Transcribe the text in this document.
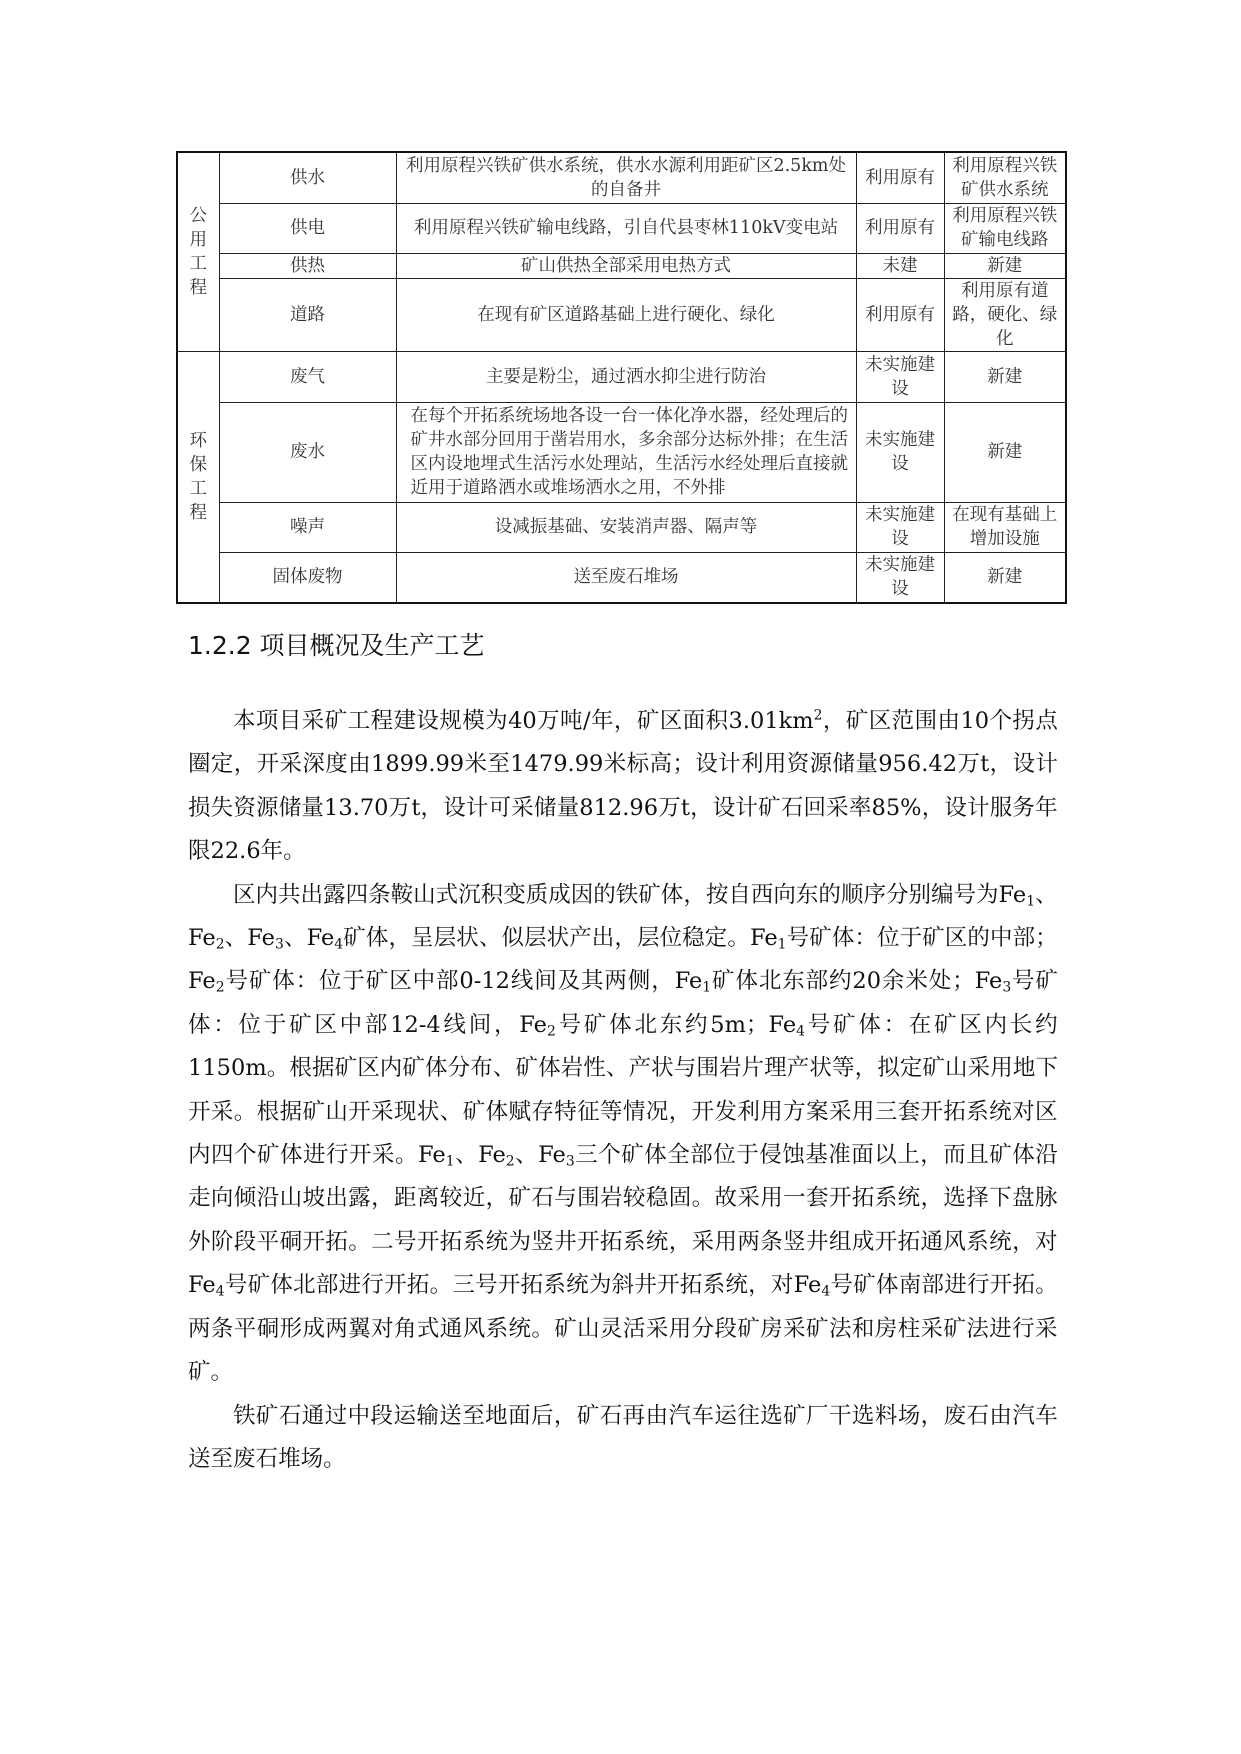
公用工程	供水	利用原程兴铁矿供水系统，供水水源利用距矿区2.5km处的自备井	利用原有	利用原程兴铁矿供水系统
	供电	利用原程兴铁矿输电线路，引自代县枣林110kV变电站	利用原有	利用原程兴铁矿输电线路
	供热	矿山供热全部采用电热方式	未建	新建
	道路	在现有矿区道路基础上进行硬化、绿化	利用原有	利用原有道路，硬化、绿化
环保工程	废气	主要是粉尘，通过洒水抑尘进行防治	未实施建设	新建
	废水	在每个开拓系统场地各设一台一体化净水器，经处理后的矿井水部分回用于凿岩用水，多余部分达标外排；在生活区内设地埋式生活污水处理站，生活污水经处理后直接就近用于道路洒水或堆场洒水之用，不外排	未实施建设	新建
	噪声	设减振基础、安装消声器、隔声等	未实施建设	在现有基础上增加设施
	固体废物	送至废石堆场	未实施建设	新建
1.2.2 项目概况及生产工艺

本项目采矿工程建设规模为40万吨/年，矿区面积$3.01km^2$，矿区范围由10个拐点圈定，开采深度由1899.99米至1479.99米标高；设计利用资源储量956.42万t，设计损失资源储量13.70万t，设计可采储量812.96万t，设计矿石回采率85%，设计服务年限22.6年。

区内共出露四条鞍山式沉积变质成因的铁矿体，按自西向东的顺序分别编号为$Fe_1$、$Fe_2$、$Fe_3$、$Fe_4$矿体，呈层状、似层状产出，层位稳定。$Fe_1$号矿体：位于矿区的中部；$Fe_2$号矿体：位于矿区中部0-12线间及其两侧，$Fe_1$矿体北东部约20余米处；$Fe_3$号矿体：位于矿区中部12-4线间，$Fe_2$号矿体北东约5m；$Fe_4$号矿体：在矿区内长约1150m。根据矿区内矿体分布、矿体岩性、产状与围岩片理产状等，拟定矿山采用地下开采。根据矿山开采现状、矿体赋存特征等情况，开发利用方案采用三套开拓系统对区内四个矿体进行开采。$Fe_1$、$Fe_2$、$Fe_3$三个矿体全部位于侵蚀基准面以上，而且矿体沿走向倾沿山坡出露，距离较近，矿石与围岩较稳固。故采用一套开拓系统，选择下盘脉外阶段平硐开拓。二号开拓系统为竖井开拓系统，采用两条竖井组成开拓通风系统，对$Fe_4$号矿体北部进行开拓。三号开拓系统为斜井开拓系统，对$Fe_4$号矿体南部进行开拓。两条平硐形成两翼对角式通风系统。矿山灵活采用分段矿房采矿法和房柱采矿法进行采矿。

铁矿石通过中段运输送至地面后，矿石再由汽车运往选矿厂干选料场，废石由汽车送至废石堆场。
